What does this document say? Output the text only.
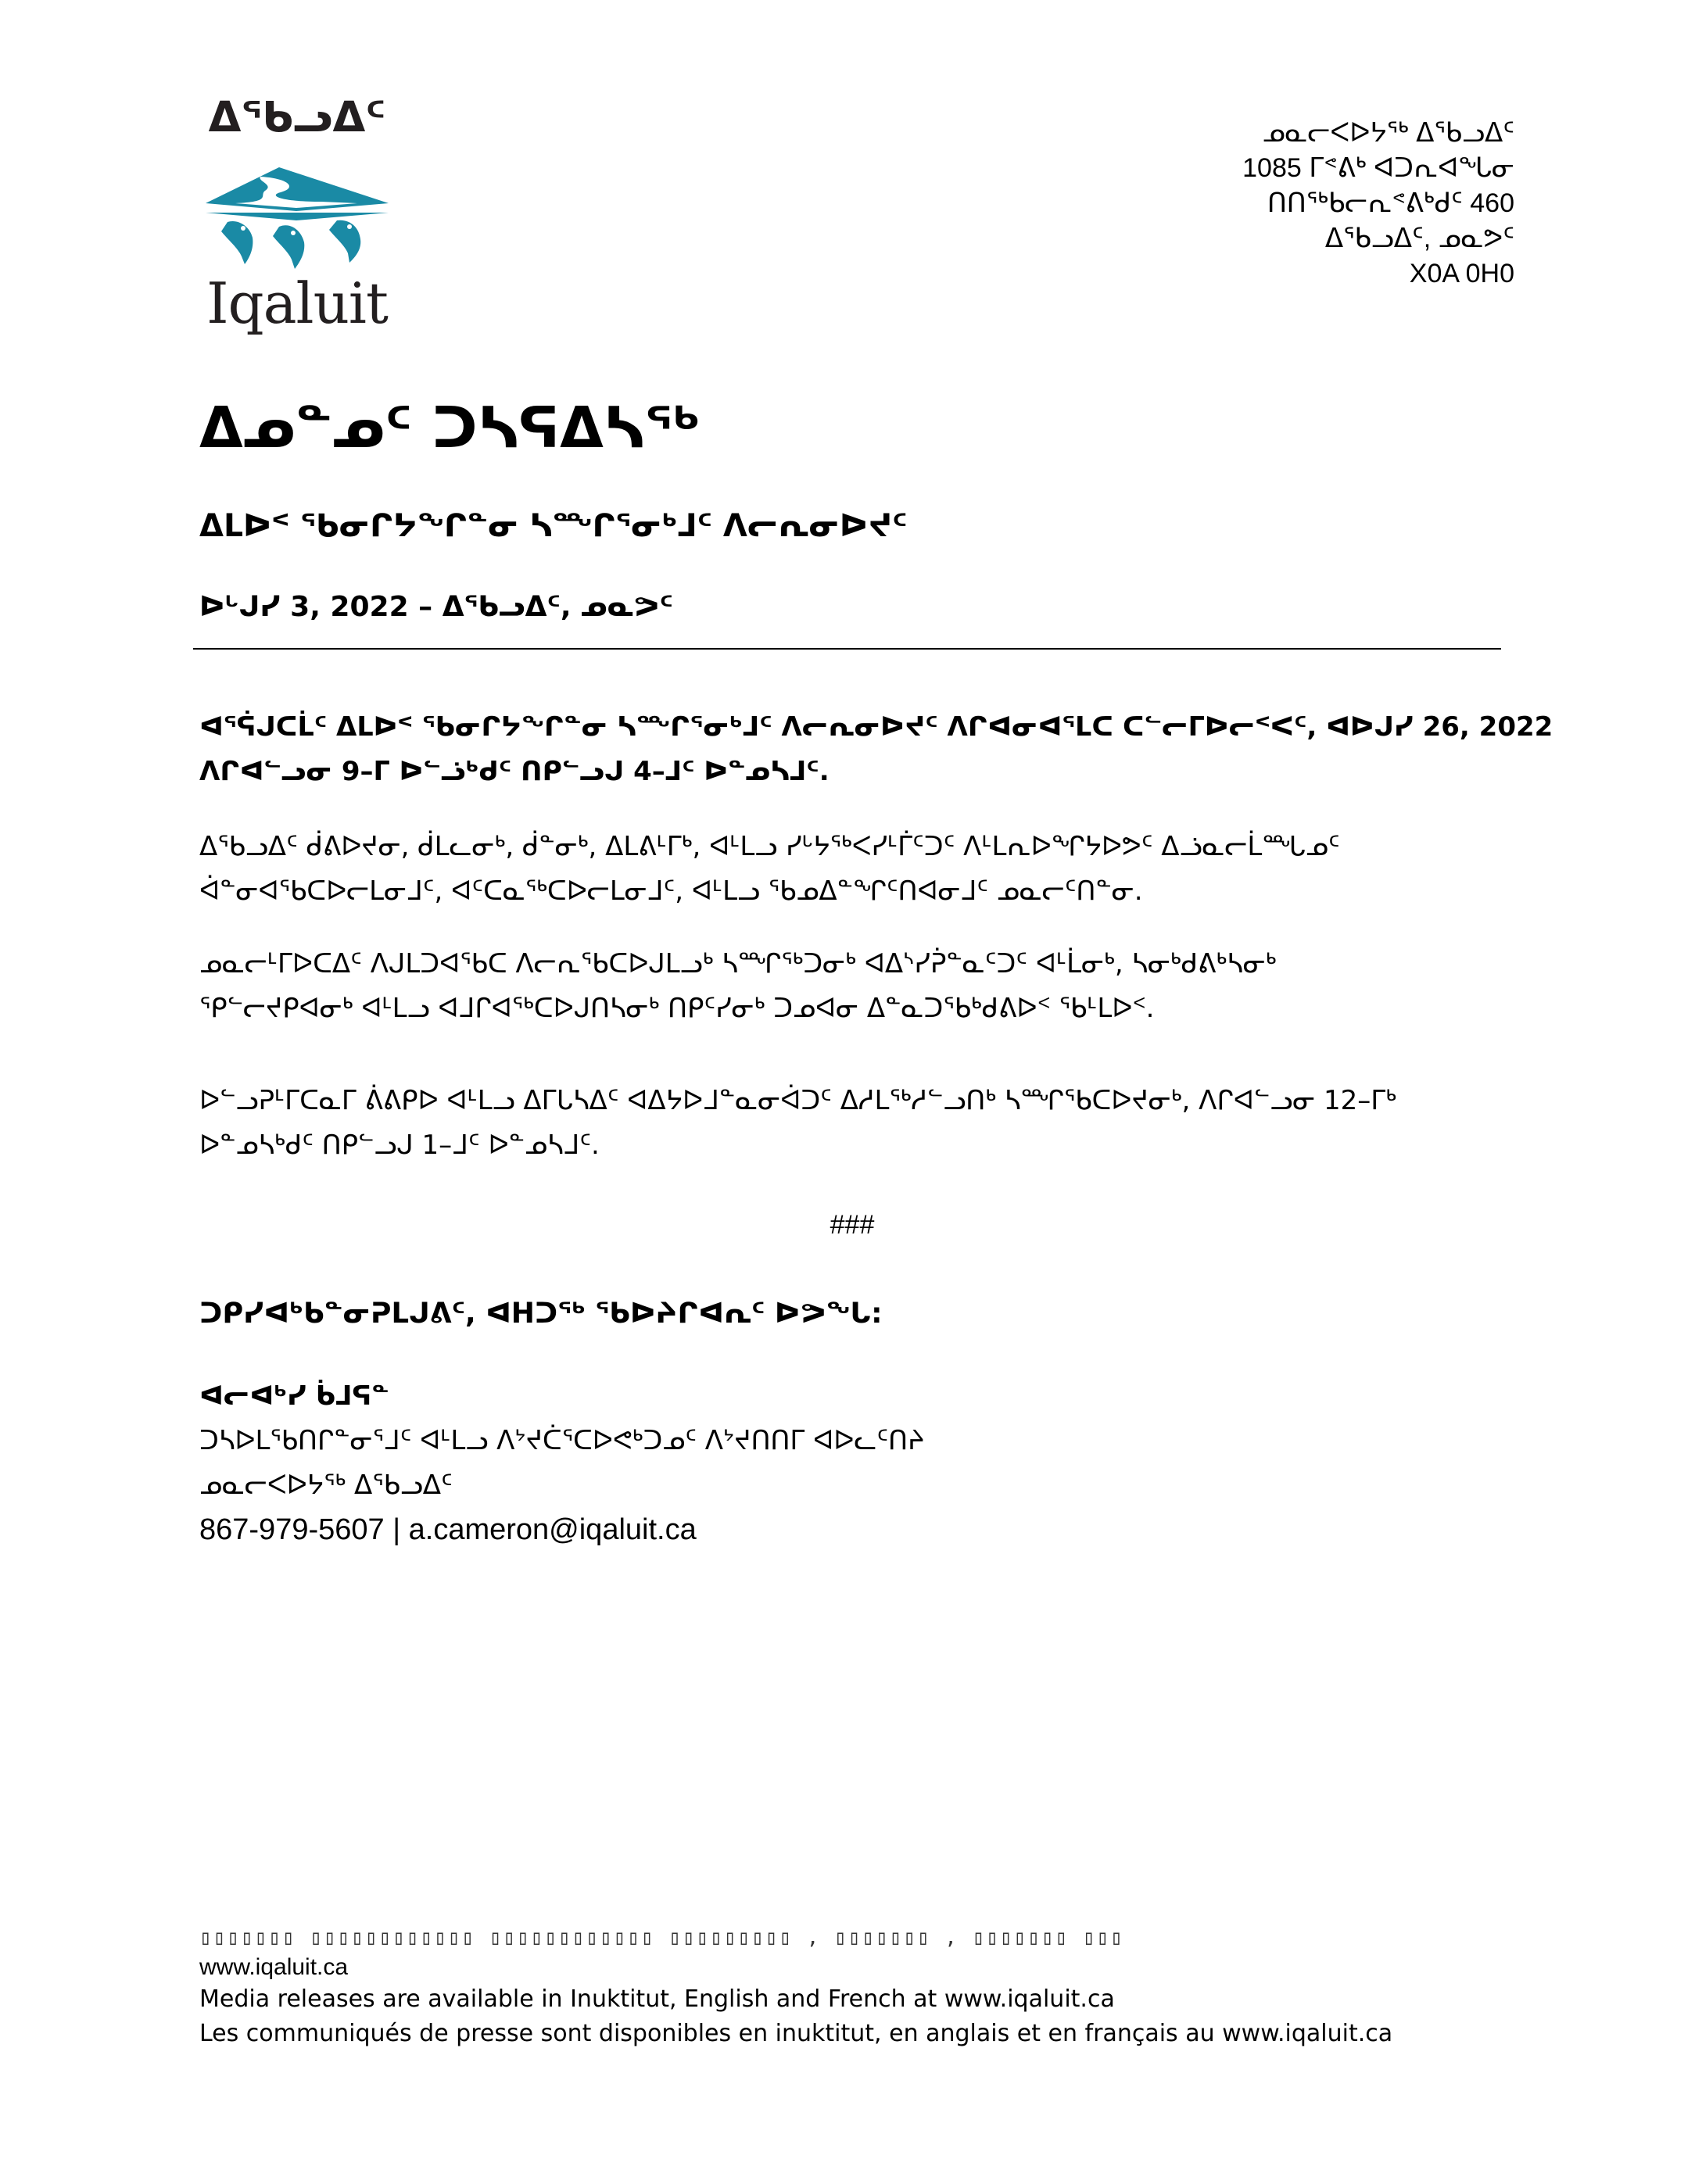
ᐃᖃᓗᐃᑦ
Iqaluit
ᓄᓇᓕᐸᐅᔭᖅ ᐃᖃᓗᐃᑦ
1085 ᒥᕝᕕᒃ ᐊᑐᕆᐊᖓᓂ
ᑎᑎᖅᑲᓕᕆᕝᕕᒃᑯᑦ 460
ᐃᖃᓗᐃᑦ, ᓄᓇᕗᑦ
X0A 0H0
ᐃᓄᓐᓄᑦ ᑐᓴᕋᐃᓴᖅ
ᐃᒪᐅᑉ ᖃᓂᒋᔭᖏᓐᓂ ᓴᙱᕐᓂᒃᒧᑦ ᐱᓕᕆᓂᐅᔪᑦ
ᐅᒡᒍᓯ 3, 2022 – ᐃᖃᓗᐃᑦ, ᓄᓇᕗᑦ
ᐊᕐᕌᒍᑕᒫᑦ ᐃᒪᐅᑉ ᖃᓂᒋᔭᖏᓐᓂ ᓴᙱᕐᓂᒃᒧᑦ ᐱᓕᕆᓂᐅᔪᑦ ᐱᒋᐊᓂᐊᕐᒪᑕ ᑕᓪᓕᒥᐅᓕᑉᐸᑦ, ᐊᐅᒍᓯ 26, 2022
ᐱᒋᐊᓪᓗᓂ 9–ᒥ ᐅᓪᓘᒃᑯᑦ ᑎᑭᓪᓗᒍ 4–ᒧᑦ ᐅᓐᓄᓴᒧᑦ.
ᐃᖃᓗᐃᑦ ᑰᕕᐅᔪᓂ, ᑰᒪᓚᓂᒃ, ᑰᓐᓂᒃ, ᐃᒪᕕᒻᒥᒃ, ᐊᒻᒪᓗ ᓯᒡᔭᖅᐸᓯᒻᒦᑦᑐᑦ ᐱᒻᒪᕆᐅᖏᔭᐅᕗᑦ ᐃᓘᓇᓕᒫᙵᓄᑦ
ᐋᓐᓂᐊᖃᑕᐅᓕᒪᓂᒧᑦ, ᐊᑦᑕᓇᖅᑕᐅᓕᒪᓂᒧᑦ, ᐊᒻᒪᓗ ᖃᓄᐃᓐᖏᑦᑎᐊᓂᒧᑦ ᓄᓇᓕᑦᑎᓐᓂ.
ᓄᓇᓕᒻᒥᐅᑕᐃᑦ ᐱᒍᒪᑐᐊᖃᑕ ᐱᓕᕆᖃᑕᐅᒍᒪᓗᒃ ᓴᙱᖅᑐᓂᒃ ᐊᐃᔅᓯᕉᓐᓇᑦᑐᑦ ᐊᒻᒫᓂᒃ, ᓴᓂᒃᑯᕕᒃᓴᓂᒃ
ᕿᓪᓕᔪᑭᐊᓂᒃ ᐊᒻᒪᓗ ᐊᒧᒋᐊᖅᑕᐅᒍᑎᓴᓂᒃ ᑎᑭᑦᓯᓂᒃ ᑐᓄᐊᓂ ᐃᓐᓇᑐᖃᒃᑯᕕᐅᑉ ᖃᒻᒪᐅᑉ.
ᐅᓪᓗᕈᒻᒥᑕᓇᒥ ᕖᕕᑭᐅ ᐊᒻᒪᓗ ᐃᒥᒐᓴᐃᑦ ᐊᐃᔭᐅᒧᓐᓇᓂᐋᑐᑦ ᐃᓱᒪᖅᓱᓪᓗᑎᒃ ᓴᙱᖃᑕᐅᔪᓂᒃ, ᐱᒋᐊᓪᓗᓂ 12–ᒥᒃ
ᐅᓐᓄᓴᒃᑯᑦ ᑎᑭᓪᓗᒍ 1–ᒧᑦ ᐅᓐᓄᓴᒧᑦ.
###
ᑐᑭᓯᐊᒃᑲᓐᓂᕈᒪᒍᕕᑦ, ᐊᕼᑐᖅ ᖃᐅᔨᒋᐊᕆᑦ ᐅᕗᖓ:
ᐊᓕᐊᒃᓯ ᑳᒧᕋᓐ
ᑐᓴᐅᒪᖃᑎᒋᓐᓂᕐᒧᑦ ᐊᒻᒪᓗ ᐱᔾᔪᑖᕐᑕᐅᕙᒃᑐᓄᑦ ᐱᔾᔪᑎᑎᒥ ᐊᐅᓚᑦᑎᔨ
ᓄᓇᓕᐸᐅᔭᖅ ᐃᖃᓗᐃᑦ
867-979-5607 | a.cameron@iqaluit.ca
▯▯▯▯▯▯▯ ▯▯▯▯▯▯▯▯▯▯▯▯ ▯▯▯▯▯▯▯▯▯▯▯▯ ▯▯▯▯▯▯▯▯▯ , ▯▯▯▯▯▯▯ , ▯▯▯▯▯▯▯ ▯▯▯
www.iqaluit.ca
Media releases are available in Inuktitut, English and French at www.iqaluit.ca
Les communiqués de presse sont disponibles en inuktitut, en anglais et en français au www.iqaluit.ca
